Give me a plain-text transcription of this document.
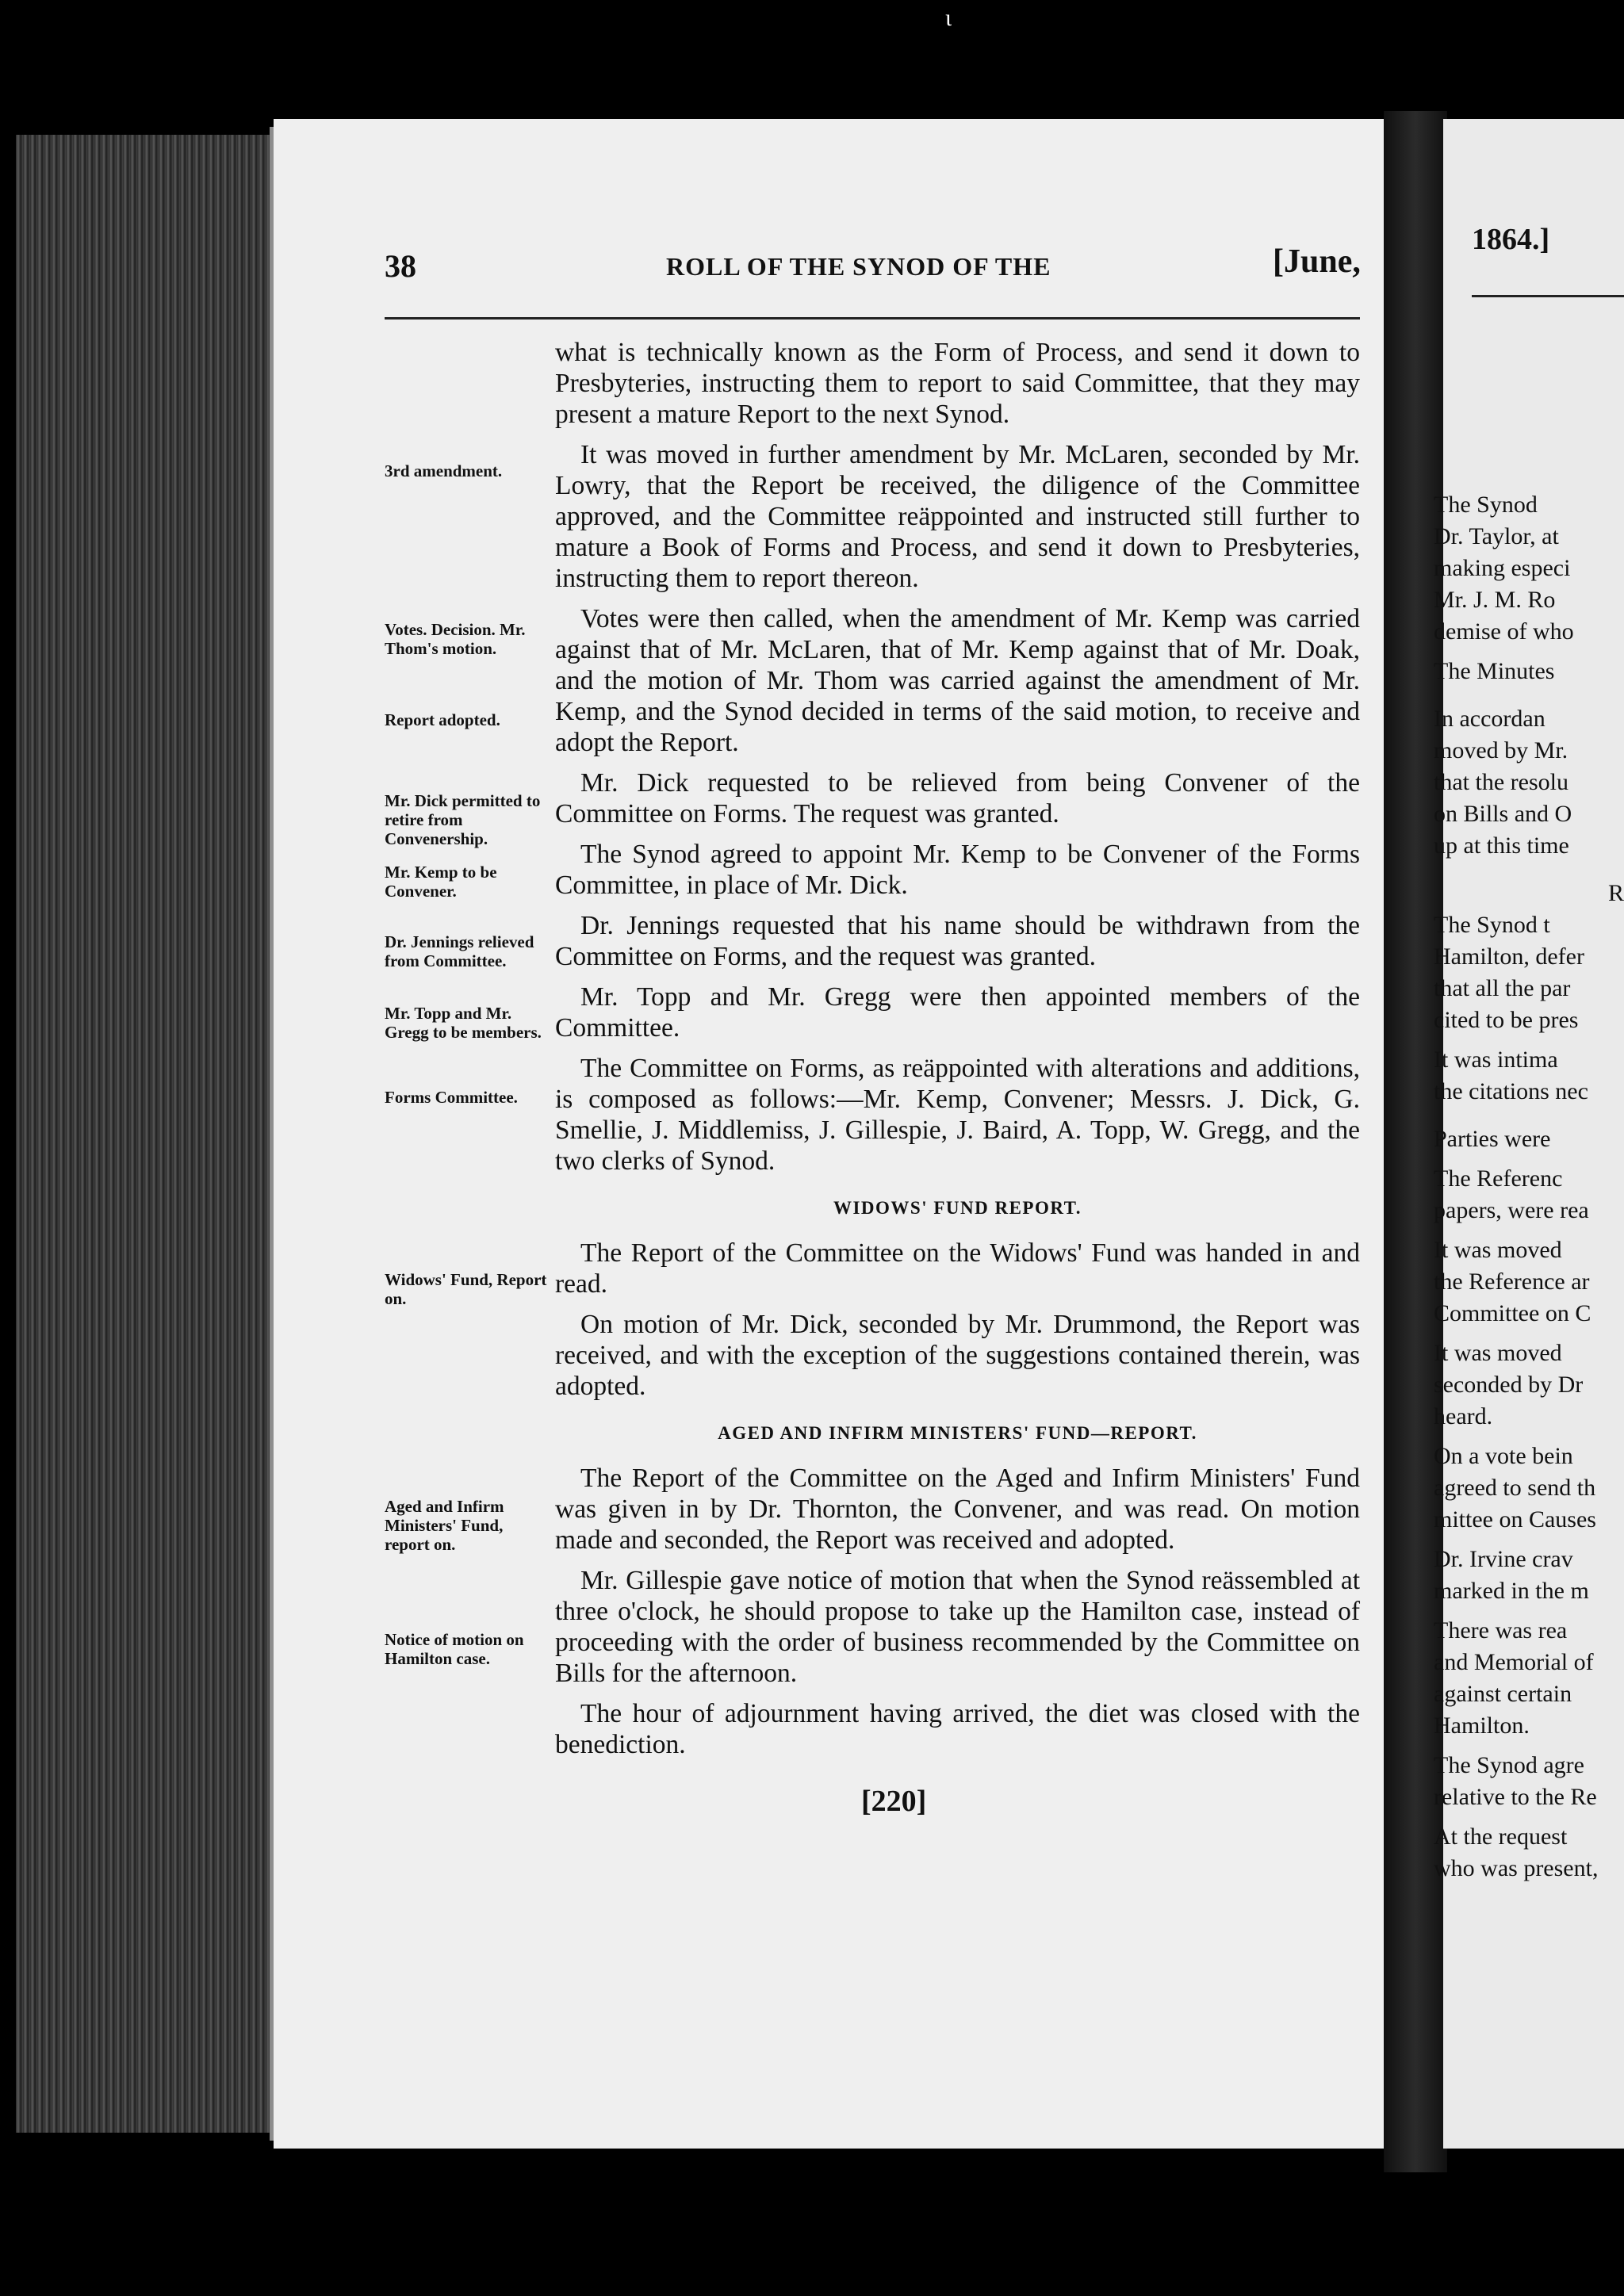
ι
38	ROLL OF THE SYNOD OF THE	[June,
3rd amendment.
Votes. Decision. Mr. Thom's motion.
Report adopted.
Mr. Dick permitted to retire from Convenership.
Mr. Kemp to be Convener.
Dr. Jennings relieved from Committee.
Mr. Topp and Mr. Gregg to be members.
Forms Committee.
Widows' Fund, Report on.
Aged and Infirm Ministers' Fund, report on.
Notice of motion on Hamilton case.

what is technically known as the Form of Process, and send it down to Presbyteries, instructing them to report to said Committee, that they may present a mature Report to the next Synod.

It was moved in further amendment by Mr. McLaren, seconded by Mr. Lowry, that the Report be received, the diligence of the Committee approved, and the Committee reäppointed and instructed still further to mature a Book of Forms and Process, and send it down to Presbyteries, instructing them to report thereon.

Votes were then called, when the amendment of Mr. Kemp was carried against that of Mr. McLaren, that of Mr. Kemp against that of Mr. Doak, and the motion of Mr. Thom was carried against the amendment of Mr. Kemp, and the Synod decided in terms of the said motion, to receive and adopt the Report.

Mr. Dick requested to be relieved from being Convener of the Committee on Forms. The request was granted.

The Synod agreed to appoint Mr. Kemp to be Convener of the Forms Committee, in place of Mr. Dick.

Dr. Jennings requested that his name should be withdrawn from the Committee on Forms, and the request was granted.

Mr. Topp and Mr. Gregg were then appointed members of the Committee.

The Committee on Forms, as reäppointed with alterations and additions, is composed as follows:—Mr. Kemp, Convener; Messrs. J. Dick, G. Smellie, J. Middlemiss, J. Gillespie, J. Baird, A. Topp, W. Gregg, and the two clerks of Synod.

WIDOWS' FUND REPORT.

The Report of the Committee on the Widows' Fund was handed in and read.

On motion of Mr. Dick, seconded by Mr. Drummond, the Report was received, and with the exception of the suggestions contained therein, was adopted.

AGED AND INFIRM MINISTERS' FUND—REPORT.

The Report of the Committee on the Aged and Infirm Ministers' Fund was given in by Dr. Thornton, the Convener, and was read. On motion made and seconded, the Report was received and adopted.

Mr. Gillespie gave notice of motion that when the Synod reässembled at three o'clock, he should propose to take up the Hamilton case, instead of proceeding with the order of business recommended by the Committee on Bills for the afternoon.

The hour of adjournment having arrived, the diet was closed with the benediction.

[220]
1864.]
The Synod
Dr. Taylor, at
making especi
Mr. J. M. Ro
demise of who
The Minutes
In accordan
moved by Mr.
that the resolu
on Bills and O
up at this time
R
The Synod t
Hamilton, defer
that all the par
cited to be pres
It was intima
the citations nec
Parties were
The Referenc
papers, were rea
It was moved
the Reference ar
Committee on C
It was moved
seconded by Dr
heard.
On a vote bein
agreed to send th
mittee on Causes
Dr. Irvine crav
marked in the m
There was rea
and Memorial of
against certain
Hamilton.
The Synod agre
relative to the Re
At the request
who was present,
